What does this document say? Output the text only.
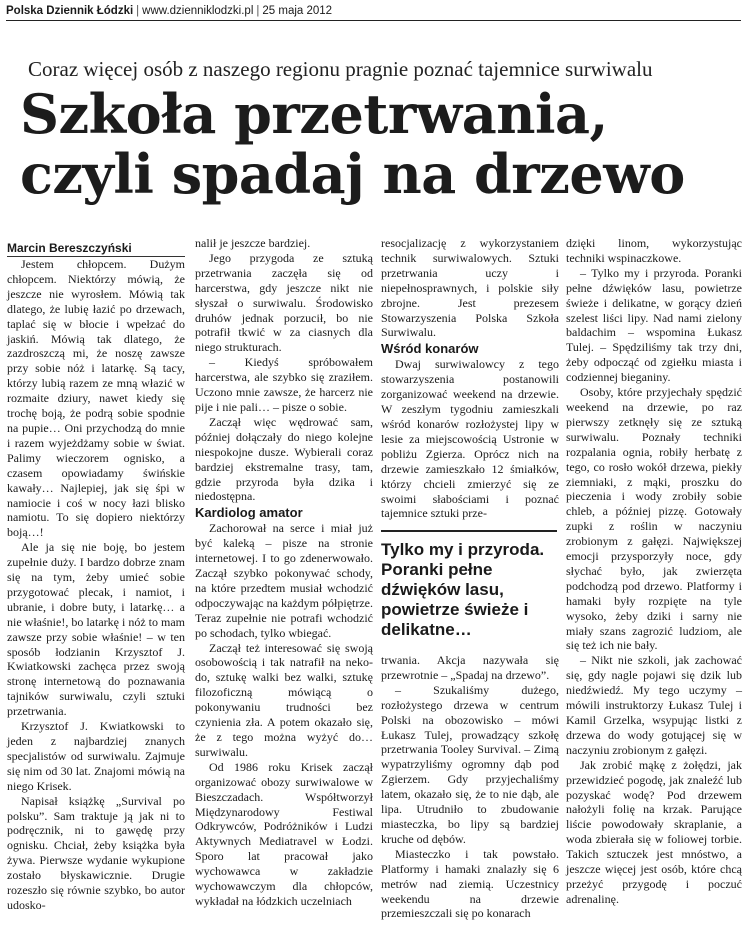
Polska Dziennik Łódzki | www.dzienniklodzki.pl | 25 maja 2012
Coraz więcej osób z naszego regionu pragnie poznać tajemnice surwiwalu
Szkoła przetrwania,
czyli spadaj na drzewo

Marcin Bereszczyński

Jestem chłopcem. Dużym chłopcem. Niektórzy mówią, że jeszcze nie wyrosłem. Mówią tak dlatego, że lubię łazić po drzewach, taplać się w błocie i wpełzać do jaskiń. Mówią tak dlatego, że zazdroszczą mi, że noszę zawsze przy sobie nóż i latarkę. Są tacy, którzy lubią razem ze mną włazić w rozmaite dziury, nawet kiedy się trochę boją, że podrą sobie spodnie na pupie… Oni przychodzą do mnie i razem wyjeżdżamy sobie w świat. Palimy wieczorem ognisko, a czasem opowiadamy świńskie kawały… Najlepiej, jak się śpi w namiocie i coś w nocy łazi blisko namiotu. To się dopiero niektórzy boją…!

Ale ja się nie boję, bo jestem zupełnie duży. I bardzo dobrze znam się na tym, żeby umieć sobie przygotować plecak, i namiot, i ubranie, i dobre buty, i latarkę… a nie właśnie!, bo latarkę i nóż to mam zawsze przy sobie właśnie! – w ten sposób łodzianin Krzysztof J. Kwiatkowski zachęca przez swoją stronę internetową do poznawania tajników surwiwalu, czyli sztuki przetrwania.

Krzysztof J. Kwiatkowski to jeden z najbardziej znanych specjalistów od surwiwalu. Zajmuje się nim od 30 lat. Znajomi mówią na niego Krisek.

Napisał książkę „Survival po polsku”. Sam traktuje ją jak ni to podręcznik, ni to gawędę przy ognisku. Chciał, żeby książka była żywa. Pierwsze wydanie wykupione zostało błyskawicznie. Drugie rozeszło się równie szybko, bo autor udosko-

nalił je jeszcze bardziej.

Jego przygoda ze sztuką przetrwania zaczęła się od harcerstwa, gdy jeszcze nikt nie słyszał o surwiwalu. Środowisko druhów jednak porzucił, bo nie potrafił tkwić w za ciasnych dla niego strukturach.

– Kiedyś spróbowałem harcerstwa, ale szybko się zraziłem. Uczono mnie zawsze, że harcerz nie pije i nie pali… – pisze o sobie.

Zaczął więc wędrować sam, później dołączały do niego kolejne niespokojne dusze. Wybierali coraz bardziej ekstremalne trasy, tam, gdzie przyroda była dzika i niedostępna.

Kardiolog amator

Zachorował na serce i miał już być kaleką – pisze na stronie internetowej. I to go zdenerwowało. Zaczął szybko pokonywać schody, na które przedtem musiał wchodzić odpoczywając na każdym półpiętrze. Teraz zupełnie nie potrafi wchodzić po schodach, tylko wbiegać.

Zaczął też interesować się swoją osobowością i tak natrafił na neko-do, sztukę walki bez walki, sztukę filozoficzną mówiącą o pokonywaniu trudności bez czynienia zła. A potem okazało się, że z tego można wyżyć do… surwiwalu.

Od 1986 roku Krisek zaczął organizować obozy surwiwalowe w Bieszczadach. Współtworzył Międzynarodowy Festiwal Odkrywców, Podróżników i Ludzi Aktywnych Mediatravel w Łodzi. Sporo lat pracował jako wychowawca w zakładzie wychowawczym dla chłopców, wykładał na łódzkich uczelniach

resocjalizację z wykorzystaniem technik surwiwalowych. Sztuki przetrwania uczy i niepełnosprawnych, i polskie siły zbrojne. Jest prezesem Stowarzyszenia Polska Szkoła Surwiwalu.

Wśród konarów

Dwaj surwiwalowcy z tego stowarzyszenia postanowili zorganizować weekend na drzewie. W zeszłym tygodniu zamieszkali wśród konarów rozłożystej lipy w lesie za miejscowością Ustronie w pobliżu Zgierza. Oprócz nich na drzewie zamieszkało 12 śmiałków, którzy chcieli zmierzyć się ze swoimi słabościami i poznać tajemnice sztuki prze-

Tylko my i przyroda. Poranki pełne dźwięków lasu, powietrze świeże i delikatne…

trwania. Akcja nazywała się przewrotnie – „Spadaj na drzewo”.

– Szukaliśmy dużego, rozłożystego drzewa w centrum Polski na obozowisko – mówi Łukasz Tulej, prowadzący szkołę przetrwania Tooley Survival. – Zimą wypatrzyliśmy ogromny dąb pod Zgierzem. Gdy przyjechaliśmy latem, okazało się, że to nie dąb, ale lipa. Utrudniło to zbudowanie miasteczka, bo lipy są bardziej kruche od dębów.

Miasteczko i tak powstało. Platformy i hamaki znalazły się 6 metrów nad ziemią. Uczestnicy weekendu na drzewie przemieszczali się po konarach

dzięki linom, wykorzystując techniki wspinaczkowe.

– Tylko my i przyroda. Poranki pełne dźwięków lasu, powietrze świeże i delikatne, w gorący dzień szelest liści lipy. Nad nami zielony baldachim – wspomina Łukasz Tulej. – Spędziliśmy tak trzy dni, żeby odpocząć od zgiełku miasta i codziennej bieganiny.

Osoby, które przyjechały spędzić weekend na drzewie, po raz pierwszy zetknęły się ze sztuką surwiwalu. Poznały techniki rozpalania ognia, robiły herbatę z tego, co rosło wokół drzewa, piekły ziemniaki, z mąki, proszku do pieczenia i wody zrobiły sobie chleb, a później pizzę. Gotowały zupki z roślin w naczyniu zrobionym z gałęzi. Największej emocji przysporzyły noce, gdy słychać było, jak zwierzęta podchodzą pod drzewo. Platformy i hamaki były rozpięte na tyle wysoko, żeby dziki i sarny nie miały szans zagrozić ludziom, ale się też ich nie bały.

– Nikt nie szkoli, jak zachować się, gdy nagle pojawi się dzik lub niedźwiedź. My tego uczymy – mówili instruktorzy Łukasz Tulej i Kamil Grzelka, wsypując listki z drzewa do wody gotującej się w naczyniu zrobionym z gałęzi.

Jak zrobić mąkę z żołędzi, jak przewidzieć pogodę, jak znaleźć lub pozyskać wodę? Pod drzewem nałożyli folię na krzak. Parujące liście powodowały skraplanie, a woda zbierała się w foliowej torbie. Takich sztuczek jest mnóstwo, a jeszcze więcej jest osób, które chcą przeżyć przygodę i poczuć adrenalinę.
